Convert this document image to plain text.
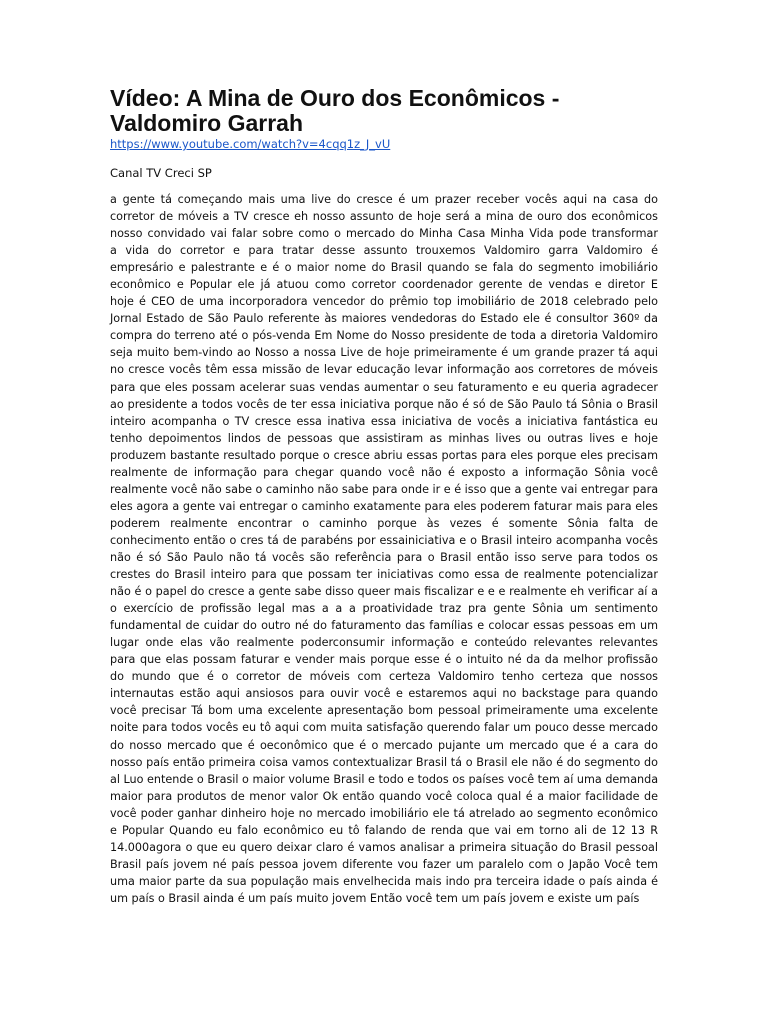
Vídeo: A Mina de Ouro dos Econômicos - Valdomiro Garrah
https://www.youtube.com/watch?v=4cqq1z_J_vU
Canal TV Creci SP
a gente tá começando mais uma live do cresce é um prazer receber vocês aqui na casa do
corretor de móveis a TV cresce eh nosso assunto de hoje será a mina de ouro dos econômicos
nosso convidado vai falar sobre como o mercado do Minha Casa Minha Vida pode transformar
a vida do corretor e para tratar desse assunto trouxemos Valdomiro garra Valdomiro é
empresário e palestrante e é o maior nome do Brasil quando se fala do segmento imobiliário
econômico e Popular ele já atuou como corretor coordenador gerente de vendas e diretor E
hoje é CEO de uma incorporadora vencedor do prêmio top imobiliário de 2018 celebrado pelo
Jornal Estado de São Paulo referente às maiores vendedoras do Estado ele é consultor 360º da
compra do terreno até o pós-venda Em Nome do Nosso presidente de toda a diretoria Valdomiro
seja muito bem-vindo ao Nosso a nossa Live de hoje primeiramente é um grande prazer tá aqui
no cresce vocês têm essa missão de levar educação levar informação aos corretores de móveis
para que eles possam acelerar suas vendas aumentar o seu faturamento e eu queria agradecer
ao presidente a todos vocês de ter essa iniciativa porque não é só de São Paulo tá Sônia o Brasil
inteiro acompanha o TV cresce essa inativa essa iniciativa de vocês a iniciativa fantástica eu
tenho depoimentos lindos de pessoas que assistiram as minhas lives ou outras lives e hoje
produzem bastante resultado porque o cresce abriu essas portas para eles porque eles precisam
realmente de informação para chegar quando você não é exposto a informação Sônia você
realmente você não sabe o caminho não sabe para onde ir e é isso que a gente vai entregar para
eles agora a gente vai entregar o caminho exatamente para eles poderem faturar mais para eles
poderem realmente encontrar o caminho porque às vezes é somente Sônia falta de
conhecimento então o cres tá de parabéns por essainiciativa e o Brasil inteiro acompanha vocês
não é só São Paulo não tá vocês são referência para o Brasil então isso serve para todos os
crestes do Brasil inteiro para que possam ter iniciativas como essa de realmente potencializar
não é o papel do cresce a gente sabe disso queer mais fiscalizar e e e realmente eh verificar aí a
o exercício de profissão legal mas a a a proatividade traz pra gente Sônia um sentimento
fundamental de cuidar do outro né do faturamento das famílias e colocar essas pessoas em um
lugar onde elas vão realmente poderconsumir informação e conteúdo relevantes relevantes
para que elas possam faturar e vender mais porque esse é o intuito né da da melhor profissão
do mundo que é o corretor de móveis com certeza Valdomiro tenho certeza que nossos
internautas estão aqui ansiosos para ouvir você e estaremos aqui no backstage para quando
você precisar Tá bom uma excelente apresentação bom pessoal primeiramente uma excelente
noite para todos vocês eu tô aqui com muita satisfação querendo falar um pouco desse mercado
do nosso mercado que é oeconômico que é o mercado pujante um mercado que é a cara do
nosso país então primeira coisa vamos contextualizar Brasil tá o Brasil ele não é do segmento do
al Luo entende o Brasil o maior volume Brasil e todo e todos os países você tem aí uma demanda
maior para produtos de menor valor Ok então quando você coloca qual é a maior facilidade de
você poder ganhar dinheiro hoje no mercado imobiliário ele tá atrelado ao segmento econômico
e Popular Quando eu falo econômico eu tô falando de renda que vai em torno ali de 12 13 R
14.000agora o que eu quero deixar claro é vamos analisar a primeira situação do Brasil pessoal
Brasil país jovem né país pessoa jovem diferente vou fazer um paralelo com o Japão Você tem
uma maior parte da sua população mais envelhecida mais indo pra terceira idade o país ainda é
um país o Brasil ainda é um país muito jovem Então você tem um país jovem e existe um país
